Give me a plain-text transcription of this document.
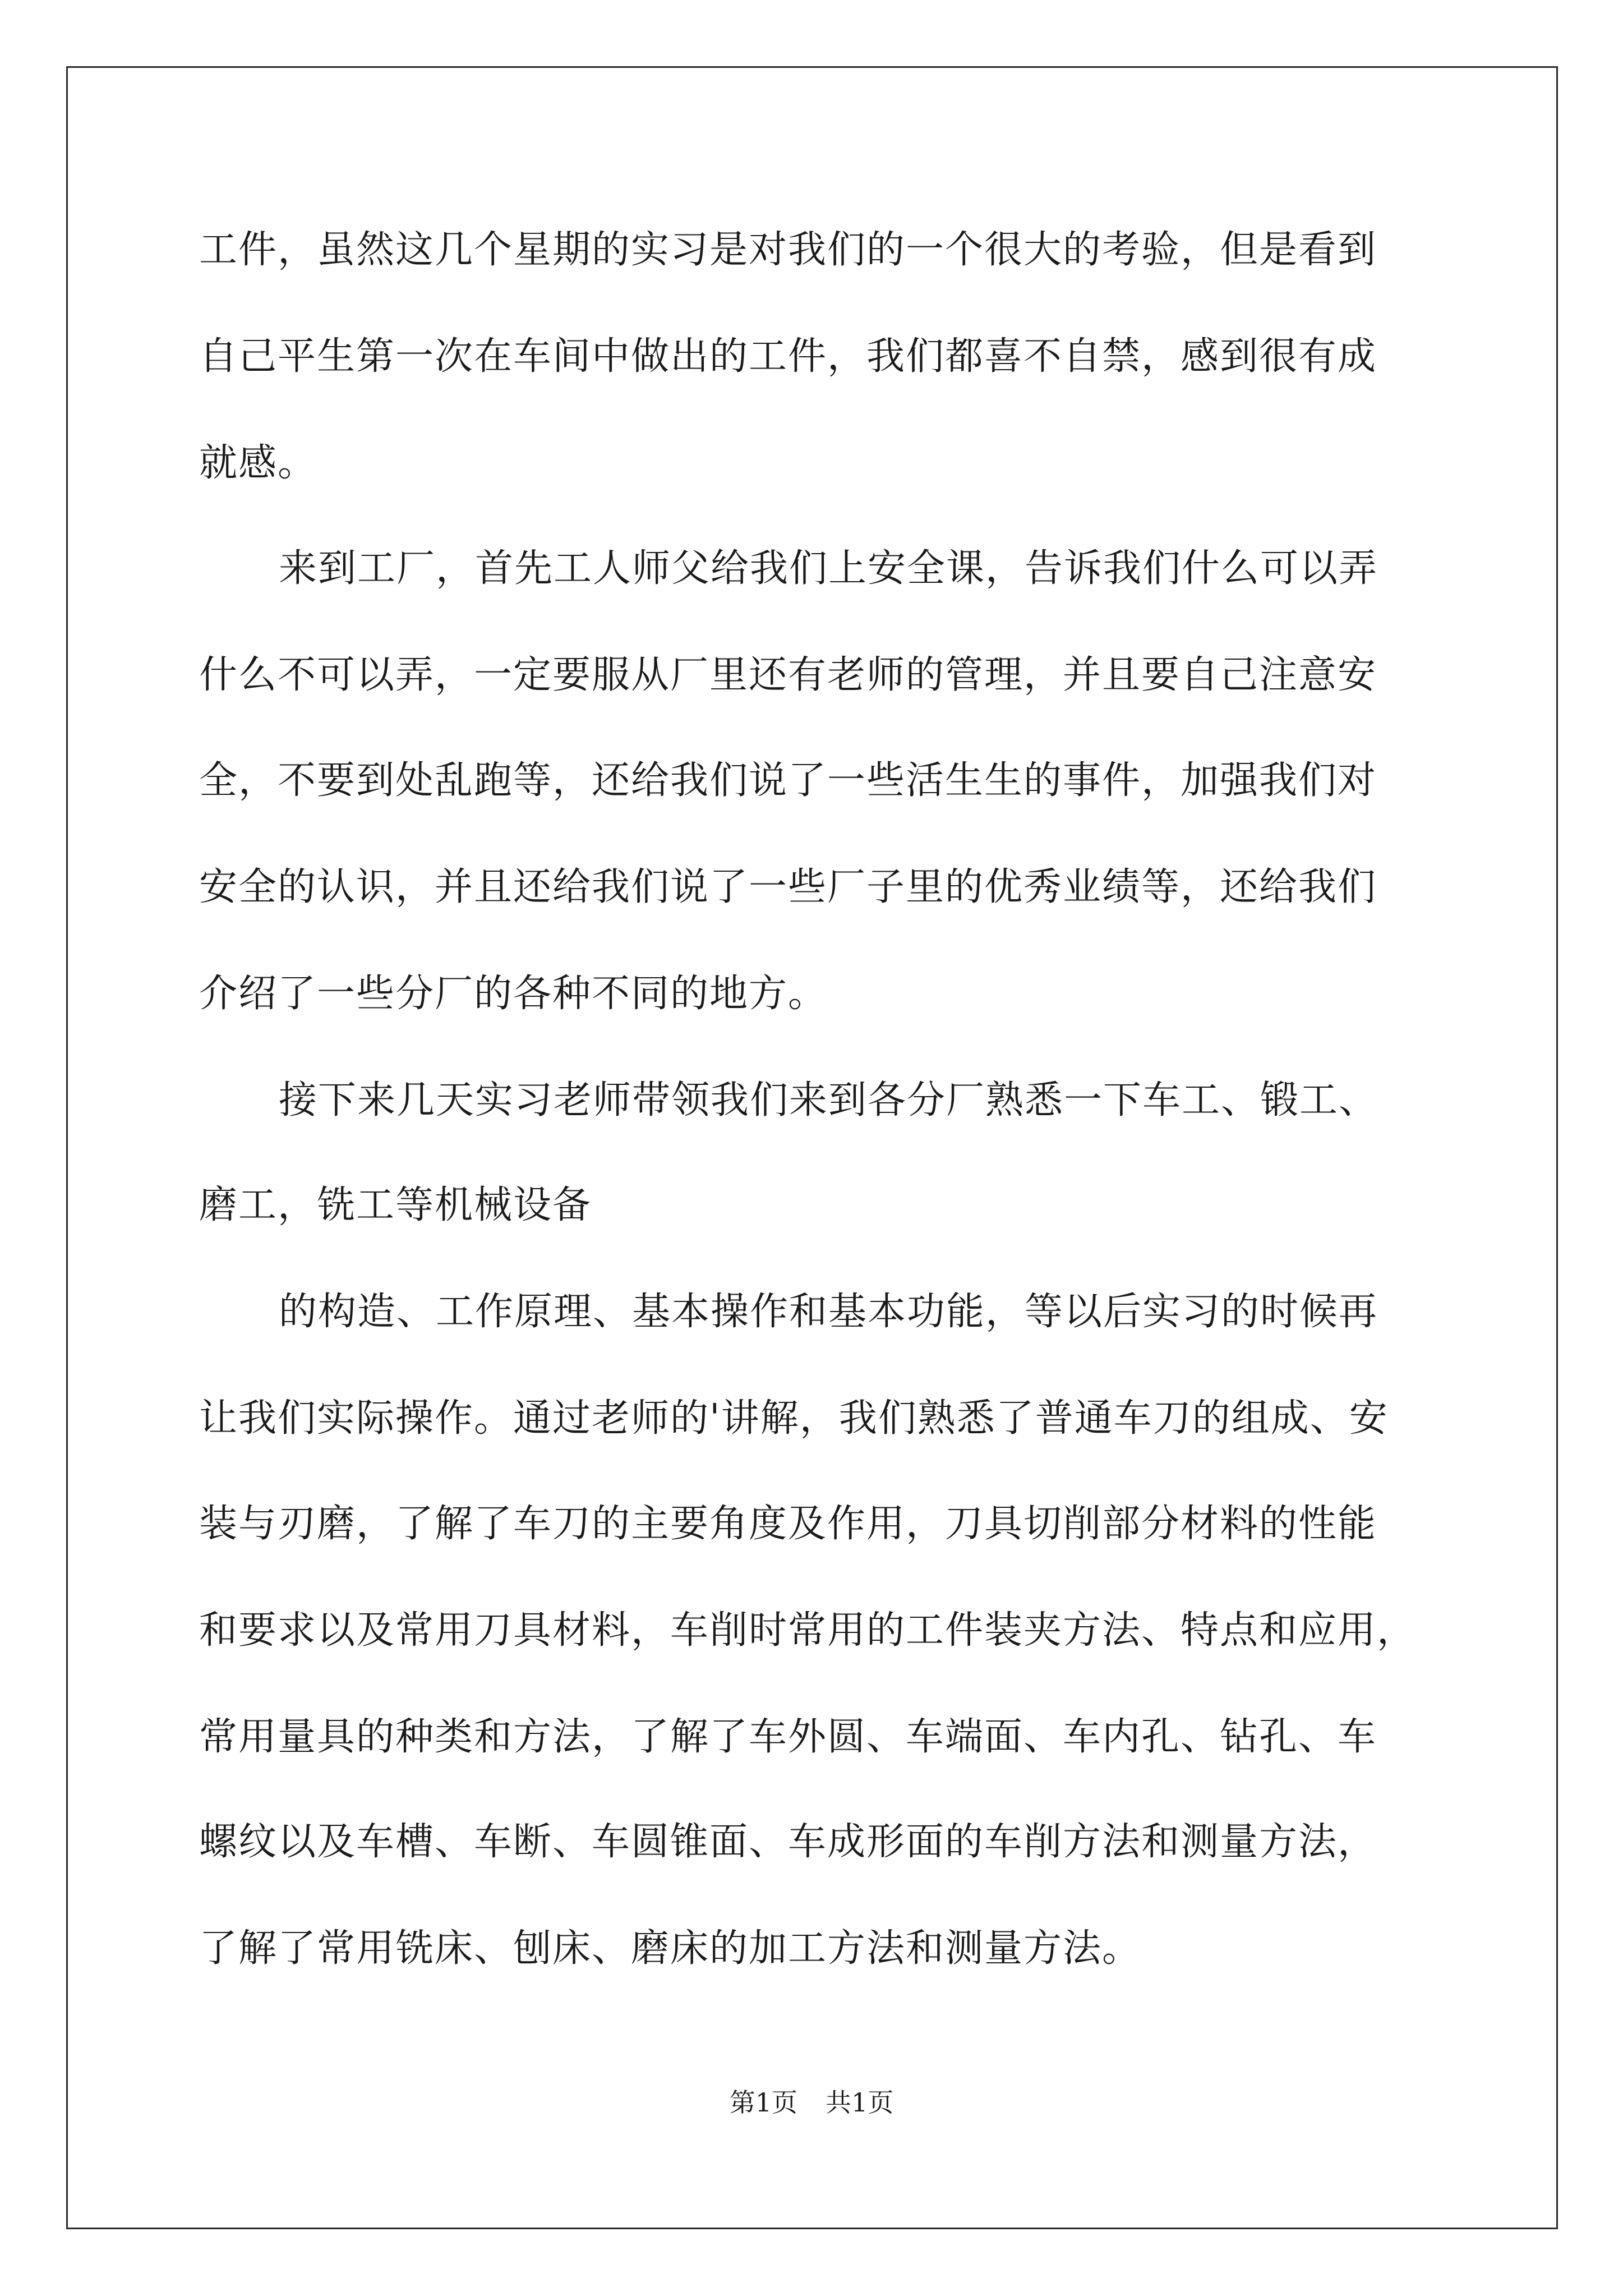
工件，虽然这几个星期的实习是对我们的一个很大的考验，但是看到
自己平生第一次在车间中做出的工件，我们都喜不自禁，感到很有成
就感。
来到工厂，首先工人师父给我们上安全课，告诉我们什么可以弄
什么不可以弄，一定要服从厂里还有老师的管理，并且要自己注意安
全，不要到处乱跑等，还给我们说了一些活生生的事件，加强我们对
安全的认识，并且还给我们说了一些厂子里的优秀业绩等，还给我们
介绍了一些分厂的各种不同的地方。
接下来几天实习老师带领我们来到各分厂熟悉一下车工、锻工、
磨工，铣工等机械设备
的构造、工作原理、基本操作和基本功能，等以后实习的时候再
让我们实际操作。通过老师的'讲解，我们熟悉了普通车刀的组成、安
装与刃磨，了解了车刀的主要角度及作用，刀具切削部分材料的性能
和要求以及常用刀具材料，车削时常用的工件装夹方法、特点和应用，
常用量具的种类和方法，了解了车外圆、车端面、车内孔、钻孔、车
螺纹以及车槽、车断、车圆锥面、车成形面的车削方法和测量方法，
了解了常用铣床、刨床、磨床的加工方法和测量方法。
第1页 共1页
